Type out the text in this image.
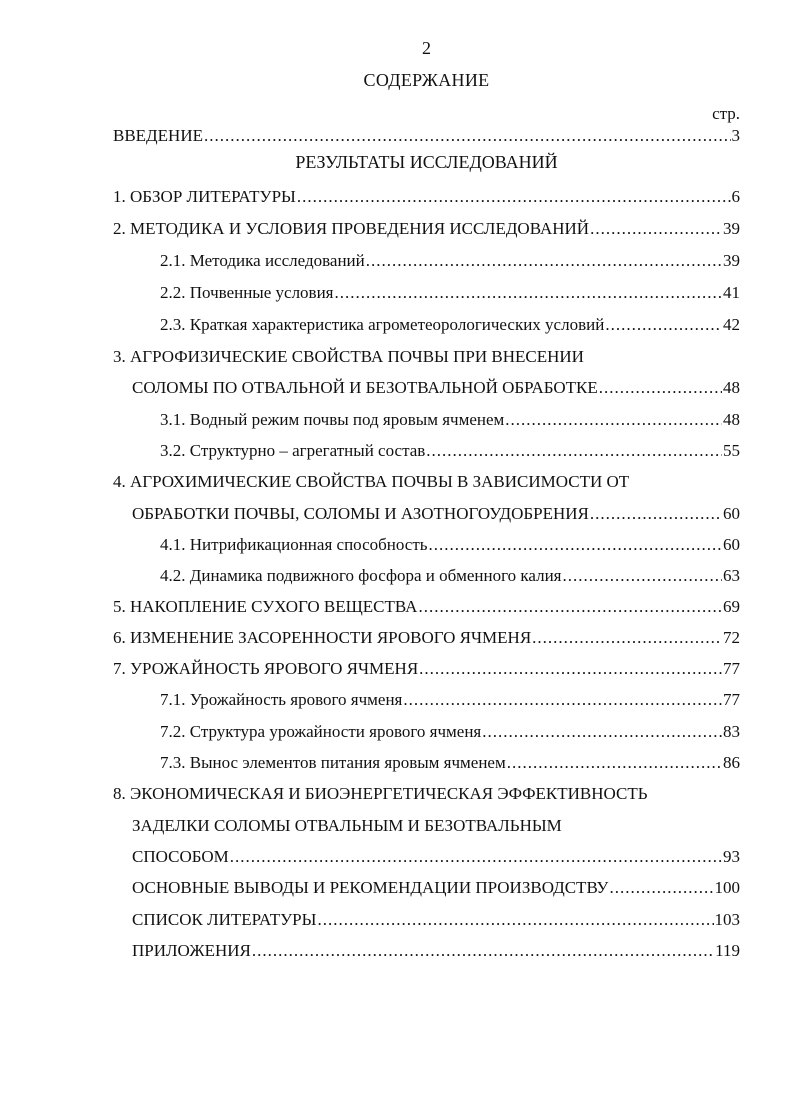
2
СОДЕРЖАНИЕ
стр.
ВВЕДЕНИЕ .....	3
РЕЗУЛЬТАТЫ ИССЛЕДОВАНИЙ
1. ОБЗОР ЛИТЕРАТУРЫ .....	6
2. МЕТОДИКА И УСЛОВИЯ ПРОВЕДЕНИЯ ИССЛЕДОВАНИЙ .....	39
2.1. Методика исследований .....	39
2.2. Почвенные условия .....	41
2.3. Краткая характеристика агрометеорологических условий .....	42
3. АГРОФИЗИЧЕСКИЕ СВОЙСТВА ПОЧВЫ ПРИ ВНЕСЕНИИ
СОЛОМЫ ПО ОТВАЛЬНОЙ И БЕЗОТВАЛЬНОЙ ОБРАБОТКЕ .....	48
3.1. Водный режим почвы под яровым ячменем .....	48
3.2. Структурно – агрегатный состав .....	55
4. АГРОХИМИЧЕСКИЕ СВОЙСТВА ПОЧВЫ В ЗАВИСИМОСТИ ОТ
ОБРАБОТКИ ПОЧВЫ, СОЛОМЫ И АЗОТНОГОУДОБРЕНИЯ .....	60
4.1. Нитрификационная способность .....	60
4.2. Динамика подвижного фосфора и обменного калия .....	63
5. НАКОПЛЕНИЕ СУХОГО ВЕЩЕСТВА .....	69
6. ИЗМЕНЕНИЕ ЗАСОРЕННОСТИ ЯРОВОГО ЯЧМЕНЯ .....	72
7. УРОЖАЙНОСТЬ ЯРОВОГО ЯЧМЕНЯ .....	77
7.1. Урожайность ярового ячменя .....	77
7.2. Структура урожайности ярового ячменя .....	83
7.3. Вынос элементов питания яровым ячменем .....	86
8. ЭКОНОМИЧЕСКАЯ И БИОЭНЕРГЕТИЧЕСКАЯ ЭФФЕКТИВНОСТЬ
ЗАДЕЛКИ СОЛОМЫ ОТВАЛЬНЫМ И БЕЗОТВАЛЬНЫМ
СПОСОБОМ .....	93
ОСНОВНЫЕ ВЫВОДЫ И РЕКОМЕНДАЦИИ ПРОИЗВОДСТВУ .....	100
СПИСОК ЛИТЕРАТУРЫ .....	103
ПРИЛОЖЕНИЯ .....	119
